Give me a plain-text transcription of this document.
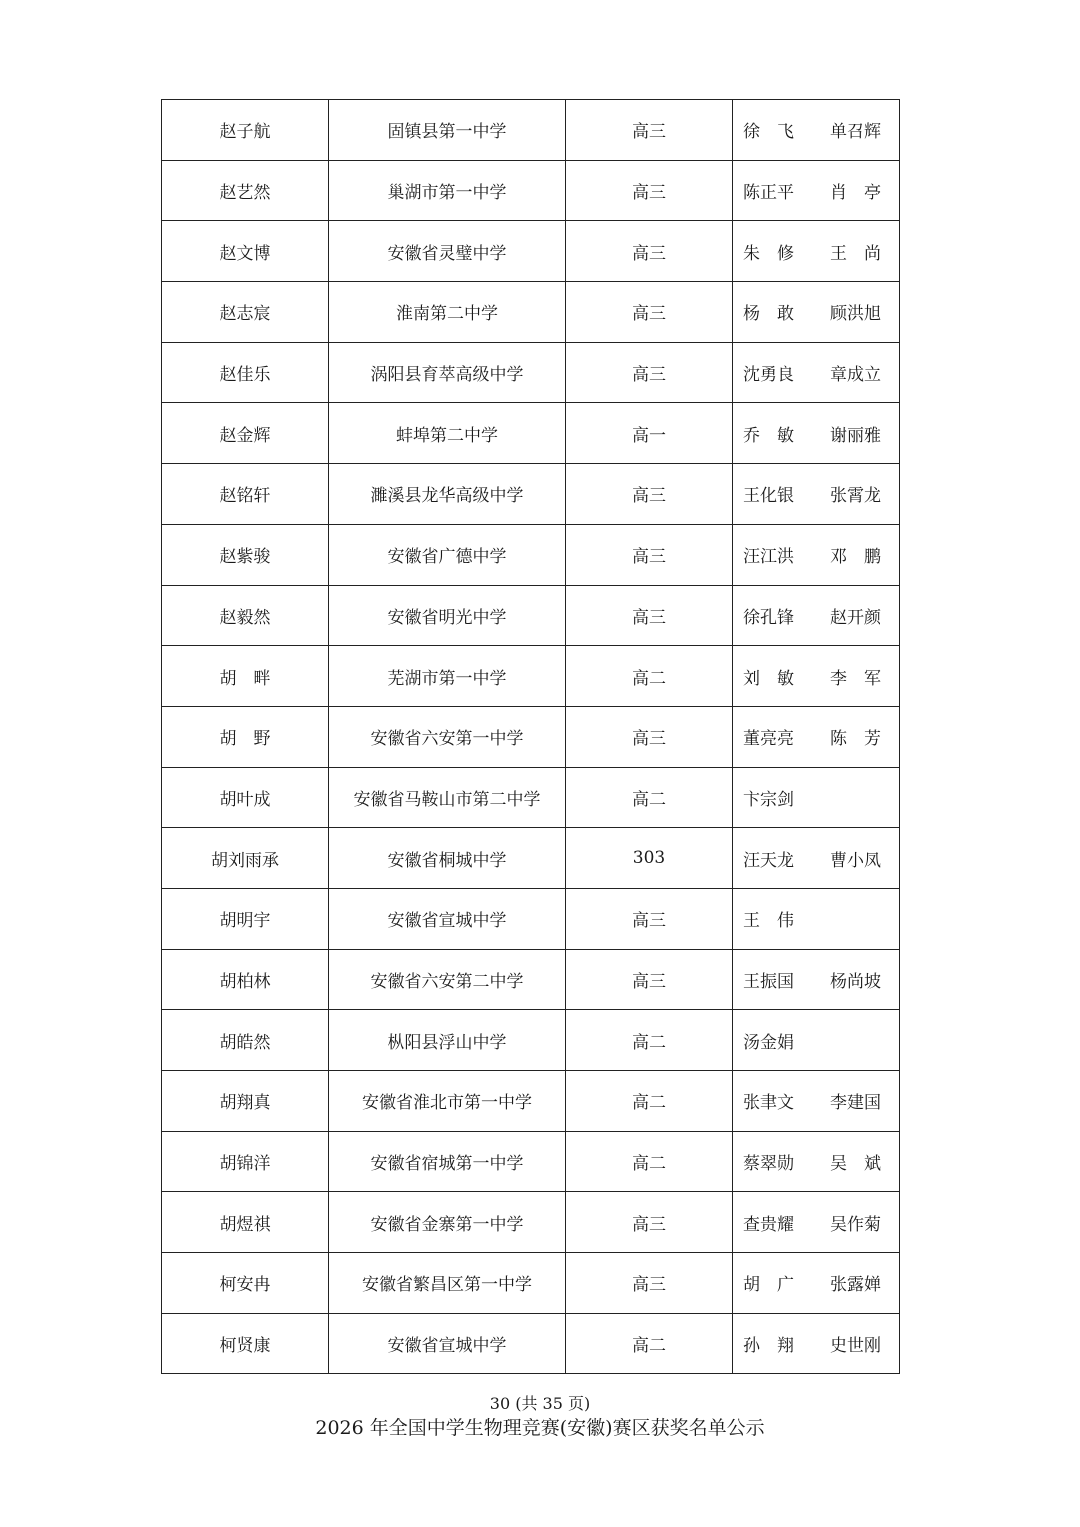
赵子航	固镇县第一中学	高三	徐　飞 单召辉

赵艺然	巢湖市第一中学	高三	陈正平 肖　亭

赵文博	安徽省灵璧中学	高三	朱　修 王　尚

赵志宸	淮南第二中学	高三	杨　敢 顾洪旭

赵佳乐	涡阳县育萃高级中学	高三	沈勇良 章成立

赵金辉	蚌埠第二中学	高一	乔　敏 谢丽雅

赵铭轩	濉溪县龙华高级中学	高三	王化银 张霄龙

赵紫骏	安徽省广德中学	高三	汪江洪 邓　鹏

赵毅然	安徽省明光中学	高三	徐孔锋 赵开颜

胡　畔	芜湖市第一中学	高二	刘　敏 李　军

胡　野	安徽省六安第一中学	高三	董亮亮 陈　芳

胡叶成	安徽省马鞍山市第二中学	高二	卞宗剑

胡刘雨承	安徽省桐城中学	303	汪天龙 曹小凤

胡明宇	安徽省宣城中学	高三	王　伟

胡柏林	安徽省六安第二中学	高三	王振国 杨尚坡

胡皓然	枞阳县浮山中学	高二	汤金娟

胡翔真	安徽省淮北市第一中学	高二	张聿文 李建国

胡锦洋	安徽省宿城第一中学	高二	蔡翠勋 吴　斌

胡煜祺	安徽省金寨第一中学	高三	查贵耀 吴作菊

柯安冉	安徽省繁昌区第一中学	高三	胡　广 张露婵

柯贤康	安徽省宣城中学	高二	孙　翔 史世刚
30 (共 35 页)
2026 年全国中学生物理竞赛(安徽)赛区获奖名单公示
